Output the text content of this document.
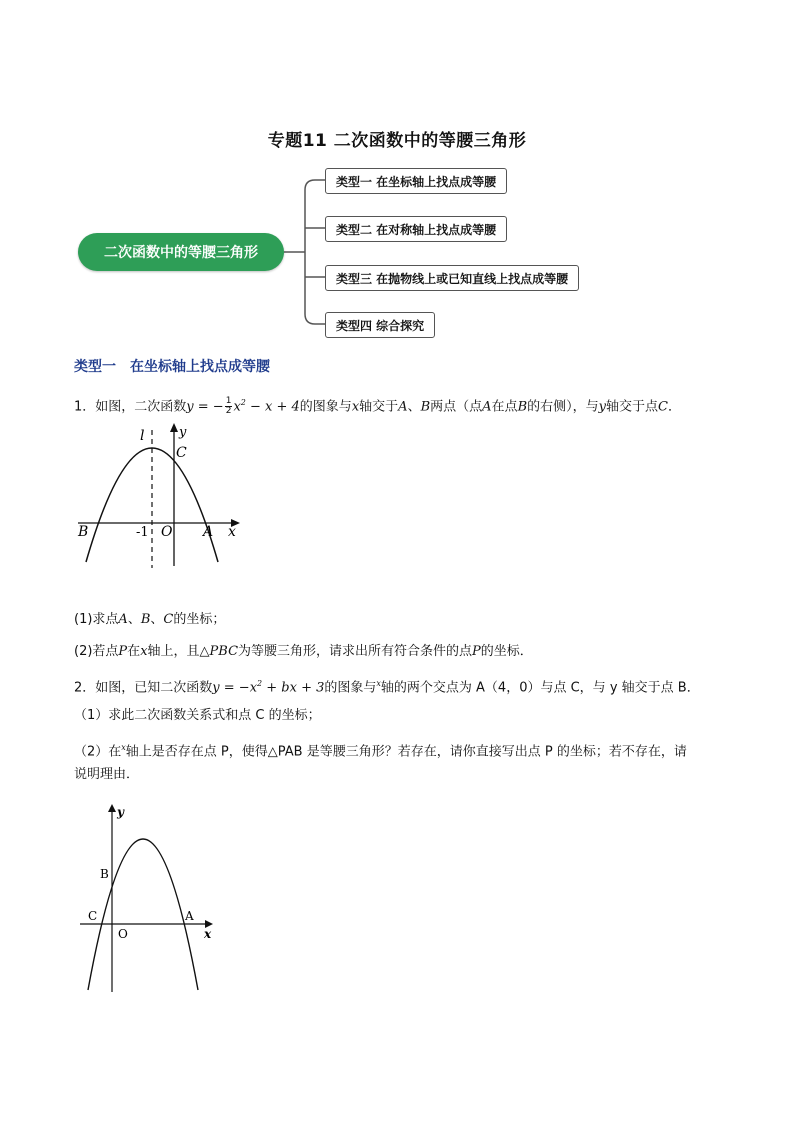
专题11 二次函数中的等腰三角形
二次函数中的等腰三角形
类型一 在坐标轴上找点成等腰
类型二 在对称轴上找点成等腰
类型三 在抛物线上或已知直线上找点成等腰
类型四 综合探究
类型一 在坐标轴上找点成等腰
1．如图，二次函数y = − $\frac{1}{2} x^2 - x + 4$的图象与x轴交于A、B两点（点A在点B的右侧），与y轴交于点C．
l	y
C
B	-1 O A x
(1)求点A、B、C的坐标；
(2)若点P在x轴上，且△PBC为等腰三角形，请求出所有符合条件的点P的坐标．
2．如图，已知二次函数$y = -x^2$ + bx + 3的图象与$^x$轴的两个交点为 A（4，0）与点 C，与 y 轴交于点 B．
（1）求此二次函数关系式和点 C 的坐标；
（2）在$^x$轴上是否存在点 P，使得△PAB 是等腰三角形？若存在，请你直接写出点 P 的坐标；若不存在，请
说明理由．
y
B
C	A
O	x
